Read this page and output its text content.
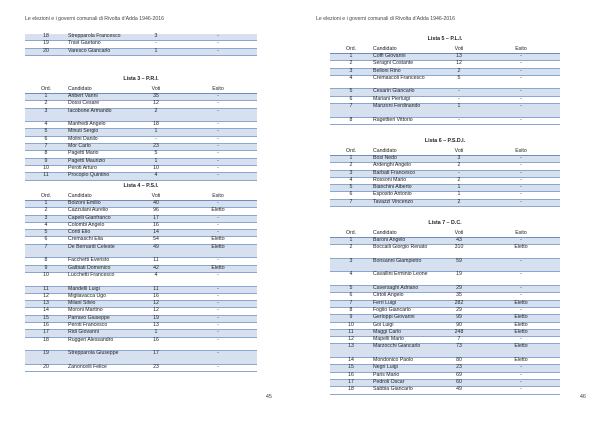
Le elezioni e i governi comunali di Rivolta d’Adda 1946-2016
18	Strepparola Francesco	3	-
19	Travi Gaetano	-	-
20	Varesco Giancarlo	1	-
Lista 3 – P.R.I.
Ord.	Candidato	Voti	Esito
1	Aribert Vanni	35	-
2	Dossi Cesare	12	-
3	Iacobone Armando	2	-
4	Manfredi Angelo	18	-
5	Minuti Sergio	1	-
6	Molini Danilo	-	-
7	Mor Carlo	23	-
8	Pagetti Mario	5	-
9	Pagetti Maurizio	1	-
10	Peroti Arturo	10	-
11	Procopio Quintino	4	-
Lista 4 – P.S.I.
Ord.	Candidato	Voti	Esito
1	Bolzoni Emilio	40	-
2	Cazzulani Aurelio	96	Eletto
3	Capelli Gianfranco	17	-
4	Colombi Angelo	16	-
5	Conti Elio	14	-
6	Cremaschi Elia	54	Eletto
7	De Bernardi Celeste	49	Eletto
8	Facchetti Everisto	11	-
9	Galbiati Domenico	42	Eletto
10	Lucchetti Francesco	4	-
11	Mandelli Luigi	11	-
12	Migliavacca Ugo	16	-
13	Milani Silvio	12	-
14	Moroni Martino	12	-
15	Parravo Giuseppe	19	-
16	Peroti Francesco	13	-
17	Ridi Giovanni	1	-
18	Ruggeri Alessandro	16	-
19	Strepparola Giuseppe	17	-
20	Zanoncelli Felice	23	-
45
Le elezioni e i governi comunali di Rivolta d’Adda 1946-2016
Lista 5 – P.L.I.
Ord.	Candidato	Voti	Esito
1	Coffi Giovanni	13	-
2	Seragni Costante	12	-
3	Belloni Rino	2	-
4	Cremascoli Francesco	5	-
5	Cesarin Giancarlo	-	-
6	Mariani Pierluigi	-	-
7	Manzoni Ferdinando	1	-
8	Ragettieri Vittorio	-	-
Lista 6 – P.S.D.I.
Ord.	Candidato	Voti	Esito
1	Bosi Nedo	3	-
2	Ardenghi Angelo	2	-
3	Barbati Francesco	-	-
4	Rossoni Mario	2	-
5	Bianchini Alberto	1	-
6	Esposito Antonio	1	-
7	Tavazzi Vincenzo	2	-
Lista 7 – D.C.
Ord.	Candidato	Voti	Esito
1	Baroni Angelo	43	-
2	Boccalli Giorgio Renato	310	Eletto
3	Bonsanni Giampietro	59	-
4	Cavallini Erminio Leone	19	-
5	Caversaghi Adriano	29	-
6	Cirtoli Angelo	35	-
7	Ferri Luigi	282	Eletto
8	Foglio Giancarlo	29	-
9	Gerloppi Giovanni	99	Eletto
10	Goi Luigi	90	Eletto
11	Maggi Carlo	248	Eletto
12	Mapelli Mario	7	-
13	Marzocchi Giancarlo	73	Eletto
14	Mondonico Paolo	80	Eletto
15	Negri Luigi	23	-
16	Paris Mario	69	-
17	Pedroli Oscar	60	-
18	Sabbia Giancarlo	49	-
46
